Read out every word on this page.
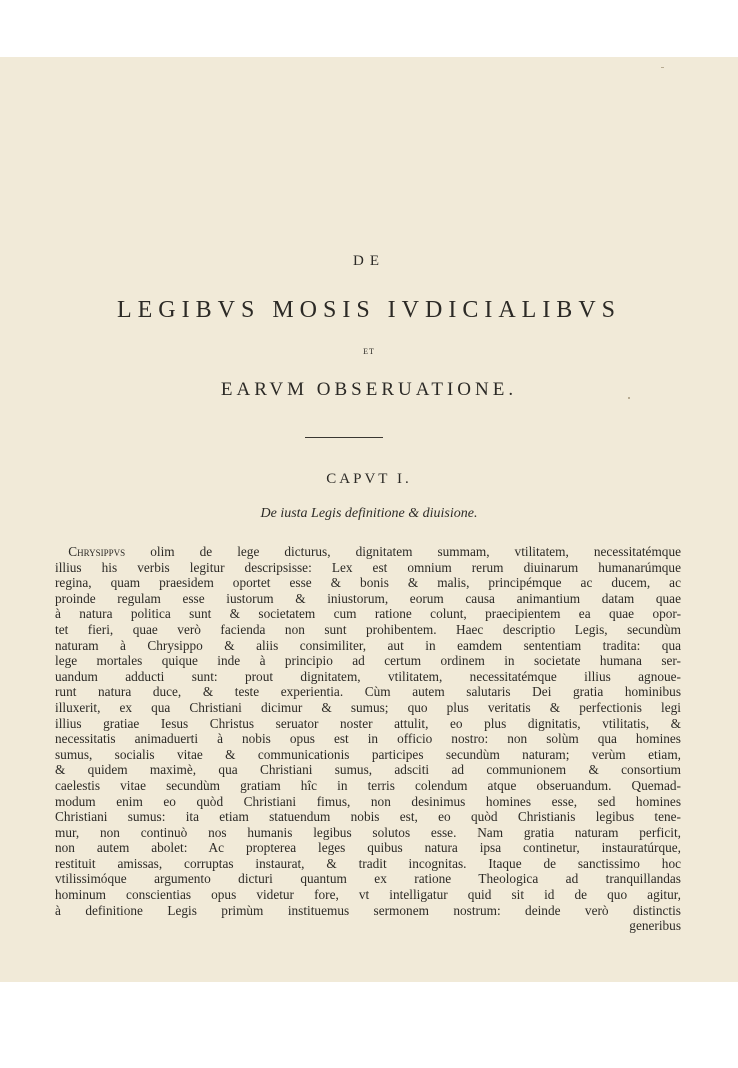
DE
LEGIBVS MOSIS IVDICIALIBVS
ET
EARVM OBSERUATIONE.
CAPVT I.
De iusta Legis definitione & diuisione.
 Chrysippvs olim de lege dicturus, dignitatem summam, vtilitatem, necessitatémque
illius his verbis legitur descripsisse: Lex est omnium rerum diuinarum humanarúmque
regina, quam praesidem oportet esse & bonis & malis, principémque ac ducem, ac
proinde regulam esse iustorum & iniustorum, eorum causa animantium datam quae
à natura politica sunt & societatem cum ratione colunt, praecipientem ea quae opor-
tet fieri, quae verò facienda non sunt prohibentem. Haec descriptio Legis, secundùm
naturam à Chrysippo & aliis consimiliter, aut in eamdem sententiam tradita: qua
lege mortales quique inde à principio ad certum ordinem in societate humana ser-
uandum adducti sunt: prout dignitatem, vtilitatem, necessitatémque illius agnoue-
runt natura duce, & teste experientia. Cùm autem salutaris Dei gratia hominibus
illuxerit, ex qua Christiani dicimur & sumus; quo plus veritatis & perfectionis legi
illius gratiae Iesus Christus seruator noster attulit, eo plus dignitatis, vtilitatis, &
necessitatis animaduerti à nobis opus est in officio nostro: non solùm qua homines
sumus, socialis vitae & communicationis participes secundùm naturam; verùm etiam,
& quidem maximè, qua Christiani sumus, adsciti ad communionem & consortium
caelestis vitae secundùm gratiam hîc in terris colendum atque obseruandum. Quemad-
modum enim eo quòd Christiani fimus, non desinimus homines esse, sed homines
Christiani sumus: ita etiam statuendum nobis est, eo quòd Christianis legibus tene-
mur, non continuò nos humanis legibus solutos esse. Nam gratia naturam perficit,
non autem abolet: Ac propterea leges quibus natura ipsa continetur, instauratúrque,
restituit amissas, corruptas instaurat, & tradit incognitas. Itaque de sanctissimo hoc
vtilissimóque argumento dicturi quantum ex ratione Theologica ad tranquillandas
hominum conscientias opus videtur fore, vt intelligatur quid sit id de quo agitur,
à definitione Legis primùm instituemus sermonem nostrum: deinde verò distinctis
generibus
